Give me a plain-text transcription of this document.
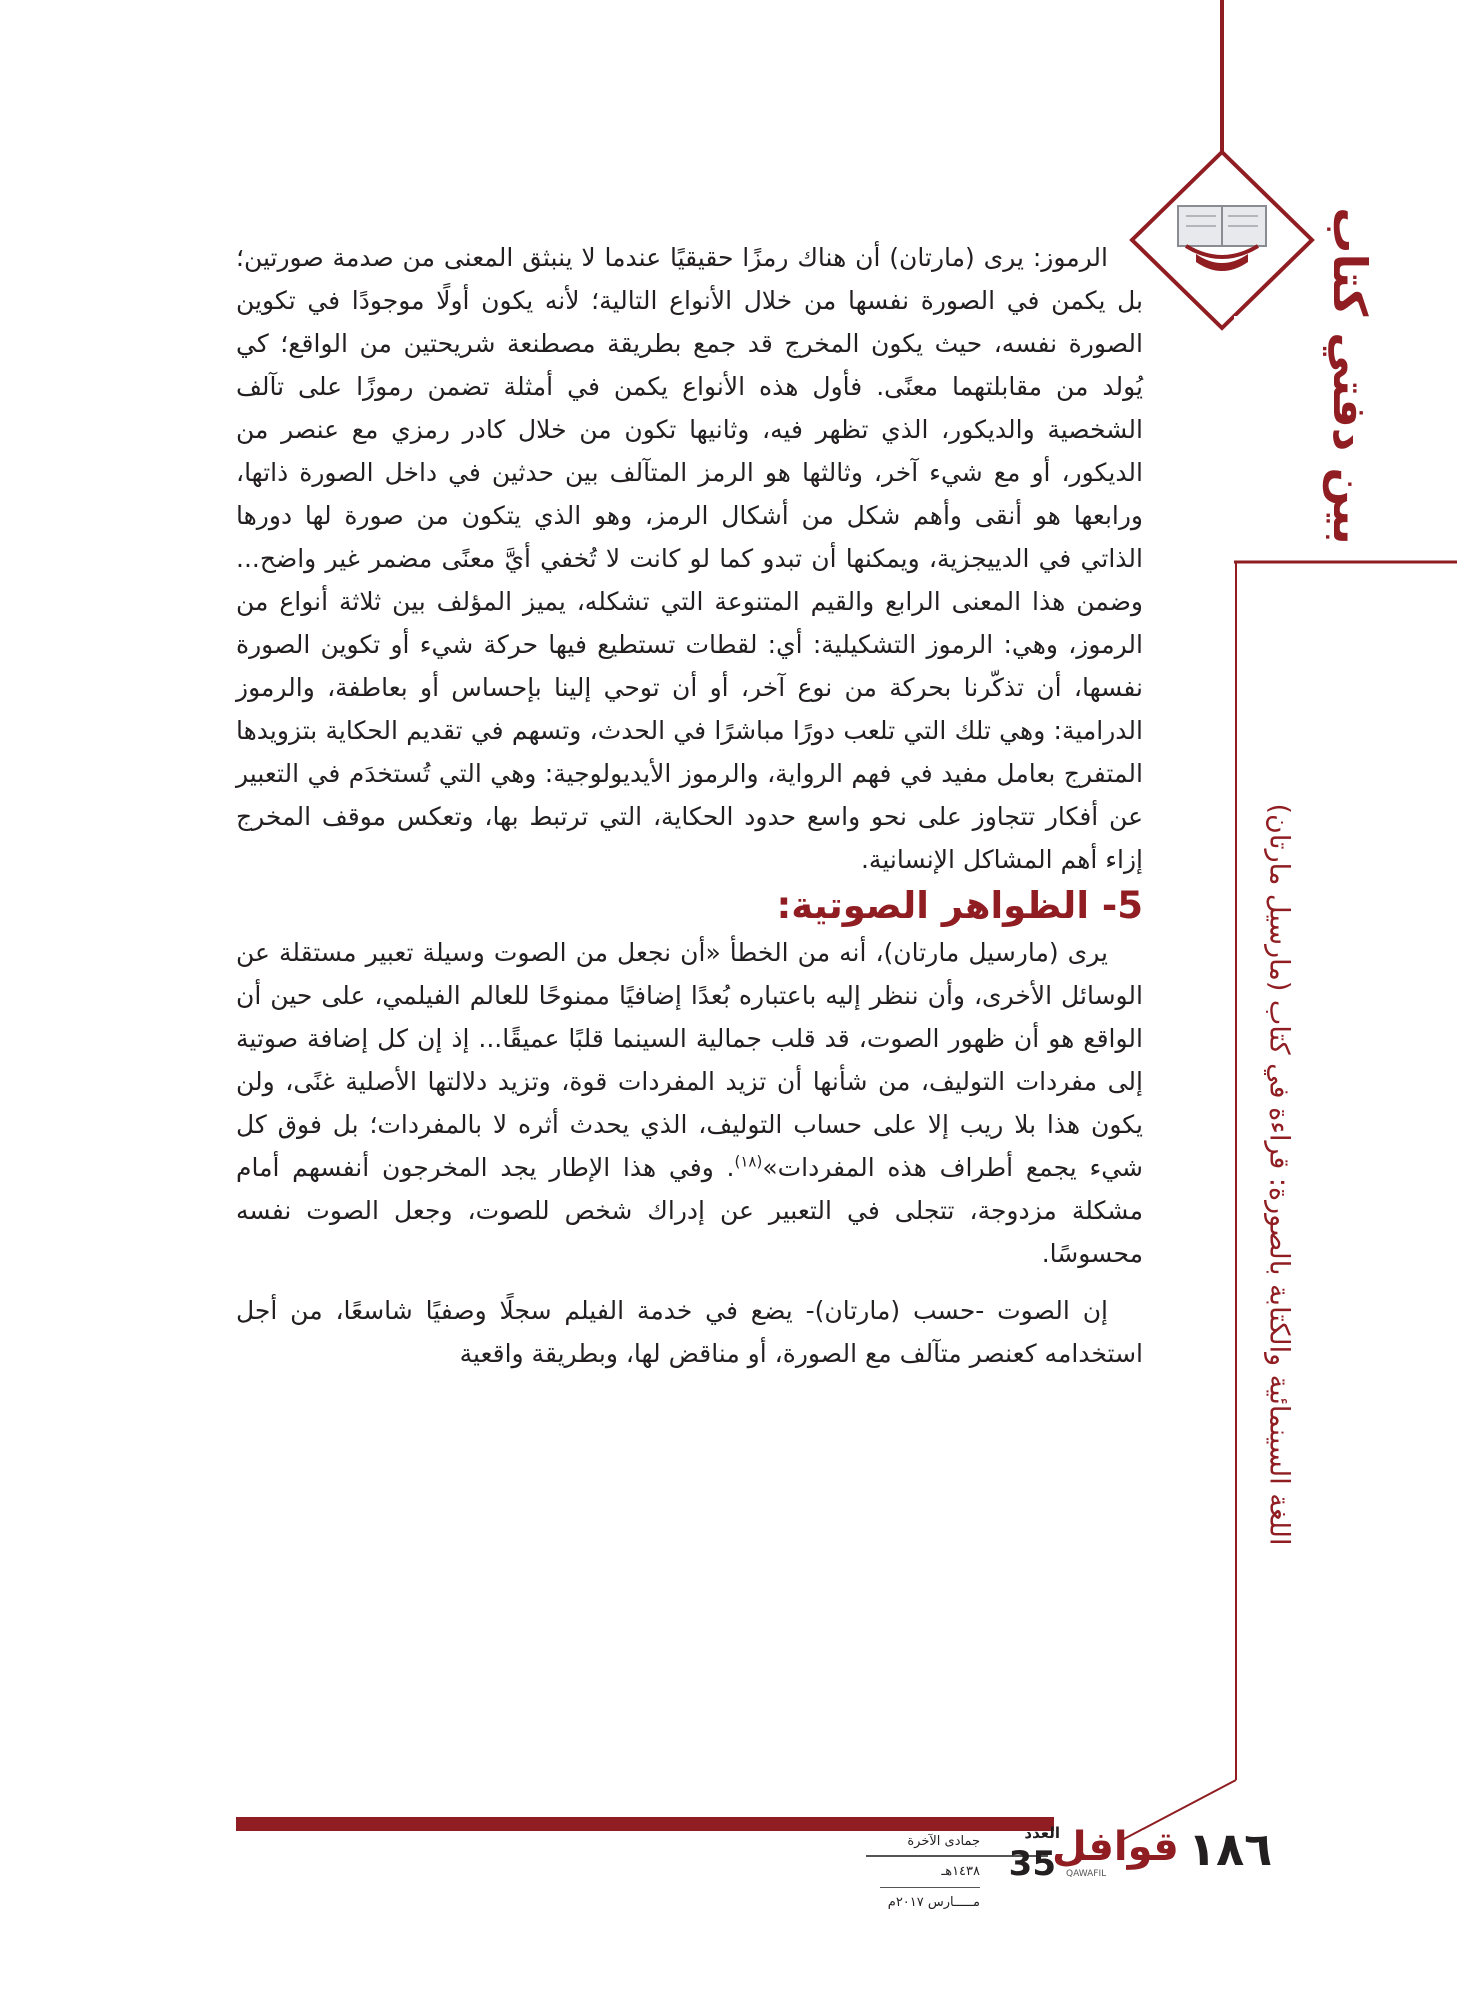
بين دفتي كتاب
اللغة السينمائية والكتابة بالصورة: قراءة في كتاب (مارسيل مارتان)

الرموز: يرى (مارتان) أن هناك رمزًا حقيقيًا عندما لا ينبثق المعنى من صدمة صورتين؛ بل يكمن في الصورة نفسها من خلال الأنواع التالية؛ لأنه يكون أولًا موجودًا في تكوين الصورة نفسه، حيث يكون المخرج قد جمع بطريقة مصطنعة شريحتين من الواقع؛ كي يُولد من مقابلتهما معنًى. فأول هذه الأنواع يكمن في أمثلة تضمن رموزًا على تآلف الشخصية والديكور، الذي تظهر فيه، وثانيها تكون من خلال كادر رمزي مع عنصر من الديكور، أو مع شيء آخر، وثالثها هو الرمز المتآلف بين حدثين في داخل الصورة ذاتها، ورابعها هو أنقى وأهم شكل من أشكال الرمز، وهو الذي يتكون من صورة لها دورها الذاتي في الدييجزية، ويمكنها أن تبدو كما لو كانت لا تُخفي أيَّ معنًى مضمر غير واضح... وضمن هذا المعنى الرابع والقيم المتنوعة التي تشكله، يميز المؤلف بين ثلاثة أنواع من الرموز، وهي: الرموز التشكيلية: أي: لقطات تستطيع فيها حركة شيء أو تكوين الصورة نفسها، أن تذكّرنا بحركة من نوع آخر، أو أن توحي إلينا بإحساس أو بعاطفة، والرموز الدرامية: وهي تلك التي تلعب دورًا مباشرًا في الحدث، وتسهم في تقديم الحكاية بتزويدها المتفرج بعامل مفيد في فهم الرواية، والرموز الأيديولوجية: وهي التي تُستخدَم في التعبير عن أفكار تتجاوز على نحو واسع حدود الحكاية، التي ترتبط بها، وتعكس موقف المخرج إزاء أهم المشاكل الإنسانية.

5- الظواهر الصوتية:

يرى (مارسيل مارتان)، أنه من الخطأ «أن نجعل من الصوت وسيلة تعبير مستقلة عن الوسائل الأخرى، وأن ننظر إليه باعتباره بُعدًا إضافيًا ممنوحًا للعالم الفيلمي، على حين أن الواقع هو أن ظهور الصوت، قد قلب جمالية السينما قلبًا عميقًا... إذ إن كل إضافة صوتية إلى مفردات التوليف، من شأنها أن تزيد المفردات قوة، وتزيد دلالتها الأصلية غنًى، ولن يكون هذا بلا ريب إلا على حساب التوليف، الذي يحدث أثره لا بالمفردات؛ بل فوق كل شيء يجمع أطراف هذه المفردات»$^{(١٨)}$. وفي هذا الإطار يجد المخرجون أنفسهم أمام مشكلة مزدوجة، تتجلى في التعبير عن إدراك شخص للصوت، وجعل الصوت نفسه محسوسًا.

إن الصوت -حسب (مارتان)- يضع في خدمة الفيلم سجلًا وصفيًا شاسعًا، من أجل استخدامه كعنصر متآلف مع الصورة، أو مناقض لها، وبطريقة واقعية

١٨٦
قوافل
QAWAFIL
العدد
35
جمادى الآخرة ١٤٣٨هـ
مـــــارس ٢٠١٧م
